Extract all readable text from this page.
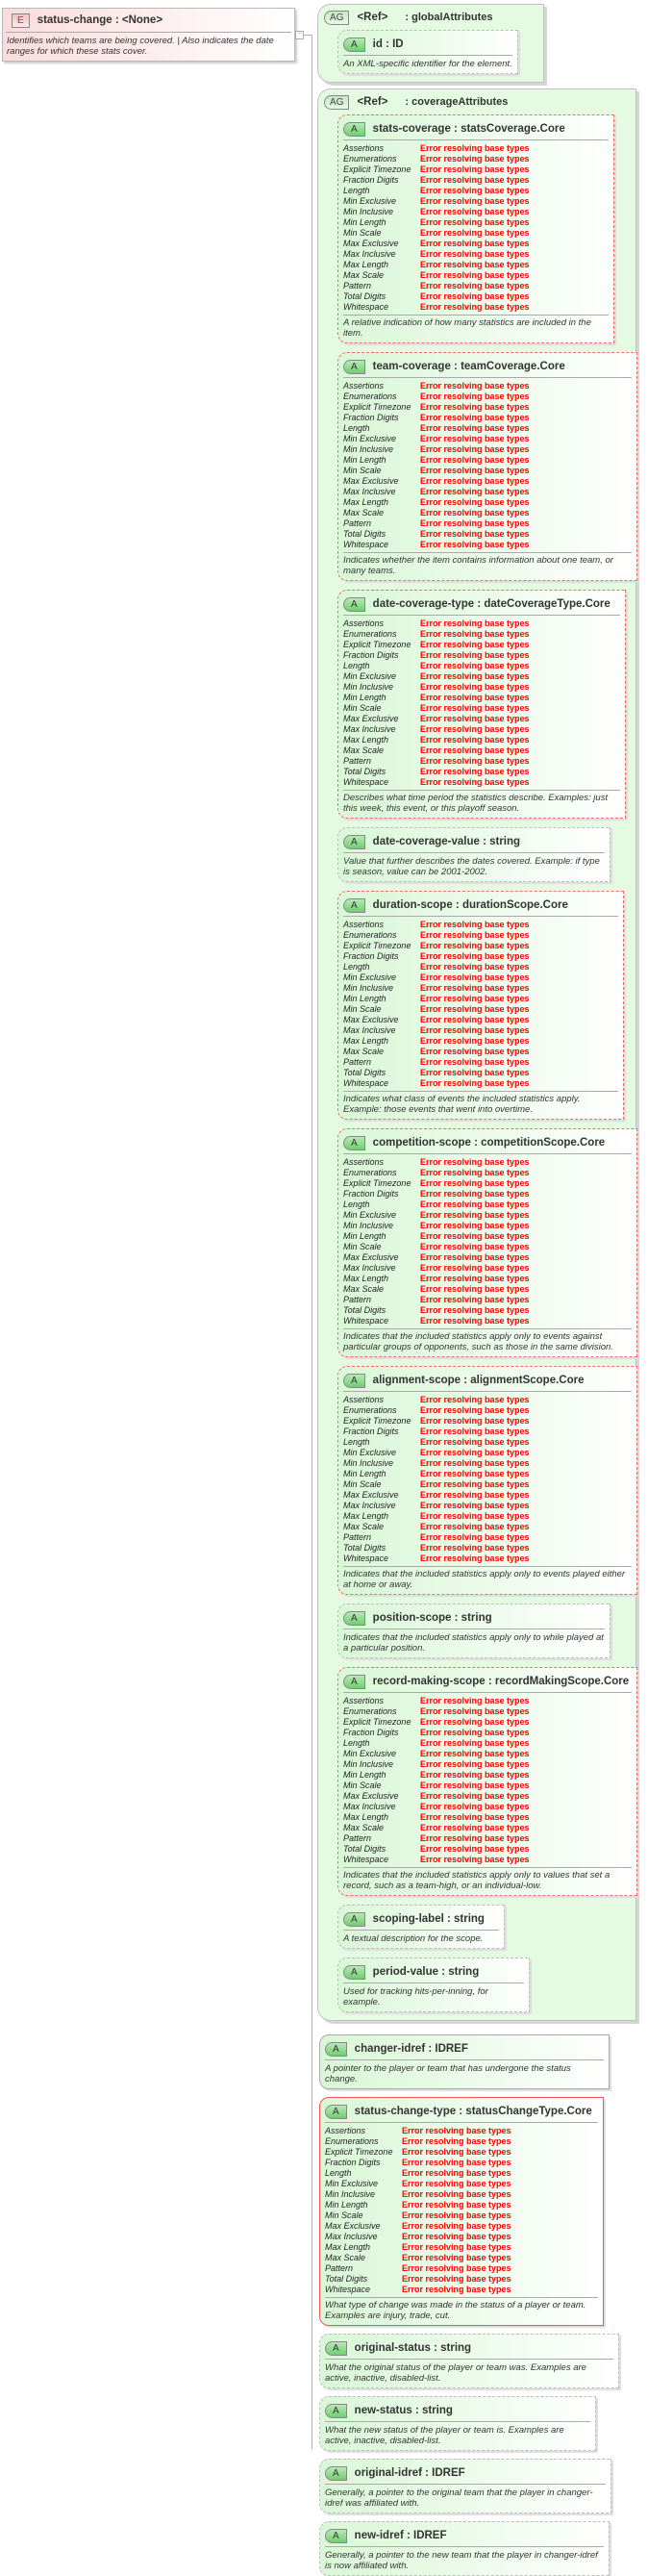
E	status-change : <None>
Identifies which teams are being covered. | Also indicates the date ranges for which these stats cover.
−
AG	<Ref> : globalAttributes
A	id : ID
An XML-specific identifier for the element.
AG	<Ref> : coverageAttributes
A	stats-coverage : statsCoverage.Core
Assertions	Error resolving base types
Enumerations	Error resolving base types
Explicit Timezone	Error resolving base types
Fraction Digits	Error resolving base types
Length	Error resolving base types
Min Exclusive	Error resolving base types
Min Inclusive	Error resolving base types
Min Length	Error resolving base types
Min Scale	Error resolving base types
Max Exclusive	Error resolving base types
Max Inclusive	Error resolving base types
Max Length	Error resolving base types
Max Scale	Error resolving base types
Pattern	Error resolving base types
Total Digits	Error resolving base types
Whitespace	Error resolving base types
A relative indication of how many statistics are included in the item.
A	team-coverage : teamCoverage.Core
Assertions	Error resolving base types
Enumerations	Error resolving base types
Explicit Timezone	Error resolving base types
Fraction Digits	Error resolving base types
Length	Error resolving base types
Min Exclusive	Error resolving base types
Min Inclusive	Error resolving base types
Min Length	Error resolving base types
Min Scale	Error resolving base types
Max Exclusive	Error resolving base types
Max Inclusive	Error resolving base types
Max Length	Error resolving base types
Max Scale	Error resolving base types
Pattern	Error resolving base types
Total Digits	Error resolving base types
Whitespace	Error resolving base types
Indicates whether the item contains information about one team, or many teams.
A	date-coverage-type : dateCoverageType.Core
Assertions	Error resolving base types
Enumerations	Error resolving base types
Explicit Timezone	Error resolving base types
Fraction Digits	Error resolving base types
Length	Error resolving base types
Min Exclusive	Error resolving base types
Min Inclusive	Error resolving base types
Min Length	Error resolving base types
Min Scale	Error resolving base types
Max Exclusive	Error resolving base types
Max Inclusive	Error resolving base types
Max Length	Error resolving base types
Max Scale	Error resolving base types
Pattern	Error resolving base types
Total Digits	Error resolving base types
Whitespace	Error resolving base types
Describes what time period the statistics describe. Examples: just this week, this event, or this playoff season.
A	date-coverage-value : string
Value that further describes the dates covered. Example: if type is season, value can be 2001-2002.
A	duration-scope : durationScope.Core
Assertions	Error resolving base types
Enumerations	Error resolving base types
Explicit Timezone	Error resolving base types
Fraction Digits	Error resolving base types
Length	Error resolving base types
Min Exclusive	Error resolving base types
Min Inclusive	Error resolving base types
Min Length	Error resolving base types
Min Scale	Error resolving base types
Max Exclusive	Error resolving base types
Max Inclusive	Error resolving base types
Max Length	Error resolving base types
Max Scale	Error resolving base types
Pattern	Error resolving base types
Total Digits	Error resolving base types
Whitespace	Error resolving base types
Indicates what class of events the included statistics apply. Example: those events that went into overtime.
A	competition-scope : competitionScope.Core
Assertions	Error resolving base types
Enumerations	Error resolving base types
Explicit Timezone	Error resolving base types
Fraction Digits	Error resolving base types
Length	Error resolving base types
Min Exclusive	Error resolving base types
Min Inclusive	Error resolving base types
Min Length	Error resolving base types
Min Scale	Error resolving base types
Max Exclusive	Error resolving base types
Max Inclusive	Error resolving base types
Max Length	Error resolving base types
Max Scale	Error resolving base types
Pattern	Error resolving base types
Total Digits	Error resolving base types
Whitespace	Error resolving base types
Indicates that the included statistics apply only to events against particular groups of opponents, such as those in the same division.
A	alignment-scope : alignmentScope.Core
Assertions	Error resolving base types
Enumerations	Error resolving base types
Explicit Timezone	Error resolving base types
Fraction Digits	Error resolving base types
Length	Error resolving base types
Min Exclusive	Error resolving base types
Min Inclusive	Error resolving base types
Min Length	Error resolving base types
Min Scale	Error resolving base types
Max Exclusive	Error resolving base types
Max Inclusive	Error resolving base types
Max Length	Error resolving base types
Max Scale	Error resolving base types
Pattern	Error resolving base types
Total Digits	Error resolving base types
Whitespace	Error resolving base types
Indicates that the included statistics apply only to events played either at home or away.
A	position-scope : string
Indicates that the included statistics apply only to while played at a particular position.
A	record-making-scope : recordMakingScope.Core
Assertions	Error resolving base types
Enumerations	Error resolving base types
Explicit Timezone	Error resolving base types
Fraction Digits	Error resolving base types
Length	Error resolving base types
Min Exclusive	Error resolving base types
Min Inclusive	Error resolving base types
Min Length	Error resolving base types
Min Scale	Error resolving base types
Max Exclusive	Error resolving base types
Max Inclusive	Error resolving base types
Max Length	Error resolving base types
Max Scale	Error resolving base types
Pattern	Error resolving base types
Total Digits	Error resolving base types
Whitespace	Error resolving base types
Indicates that the included statistics apply only to values that set a record, such as a team-high, or an individual-low.
A	scoping-label : string
A textual description for the scope.
A	period-value : string
Used for tracking hits-per-inning, for example.
A	changer-idref : IDREF
A pointer to the player or team that has undergone the status change.
A	status-change-type : statusChangeType.Core
Assertions	Error resolving base types
Enumerations	Error resolving base types
Explicit Timezone	Error resolving base types
Fraction Digits	Error resolving base types
Length	Error resolving base types
Min Exclusive	Error resolving base types
Min Inclusive	Error resolving base types
Min Length	Error resolving base types
Min Scale	Error resolving base types
Max Exclusive	Error resolving base types
Max Inclusive	Error resolving base types
Max Length	Error resolving base types
Max Scale	Error resolving base types
Pattern	Error resolving base types
Total Digits	Error resolving base types
Whitespace	Error resolving base types
What type of change was made in the status of a player or team. Examples are injury, trade, cut.
A	original-status : string
What the original status of the player or team was. Examples are active, inactive, disabled-list.
A	new-status : string
What the new status of the player or team is. Examples are active, inactive, disabled-list.
A	original-idref : IDREF
Generally, a pointer to the original team that the player in changer-idref was affiliated with.
A	new-idref : IDREF
Generally, a pointer to the new team that the player in changer-idref is now affiliated with.
